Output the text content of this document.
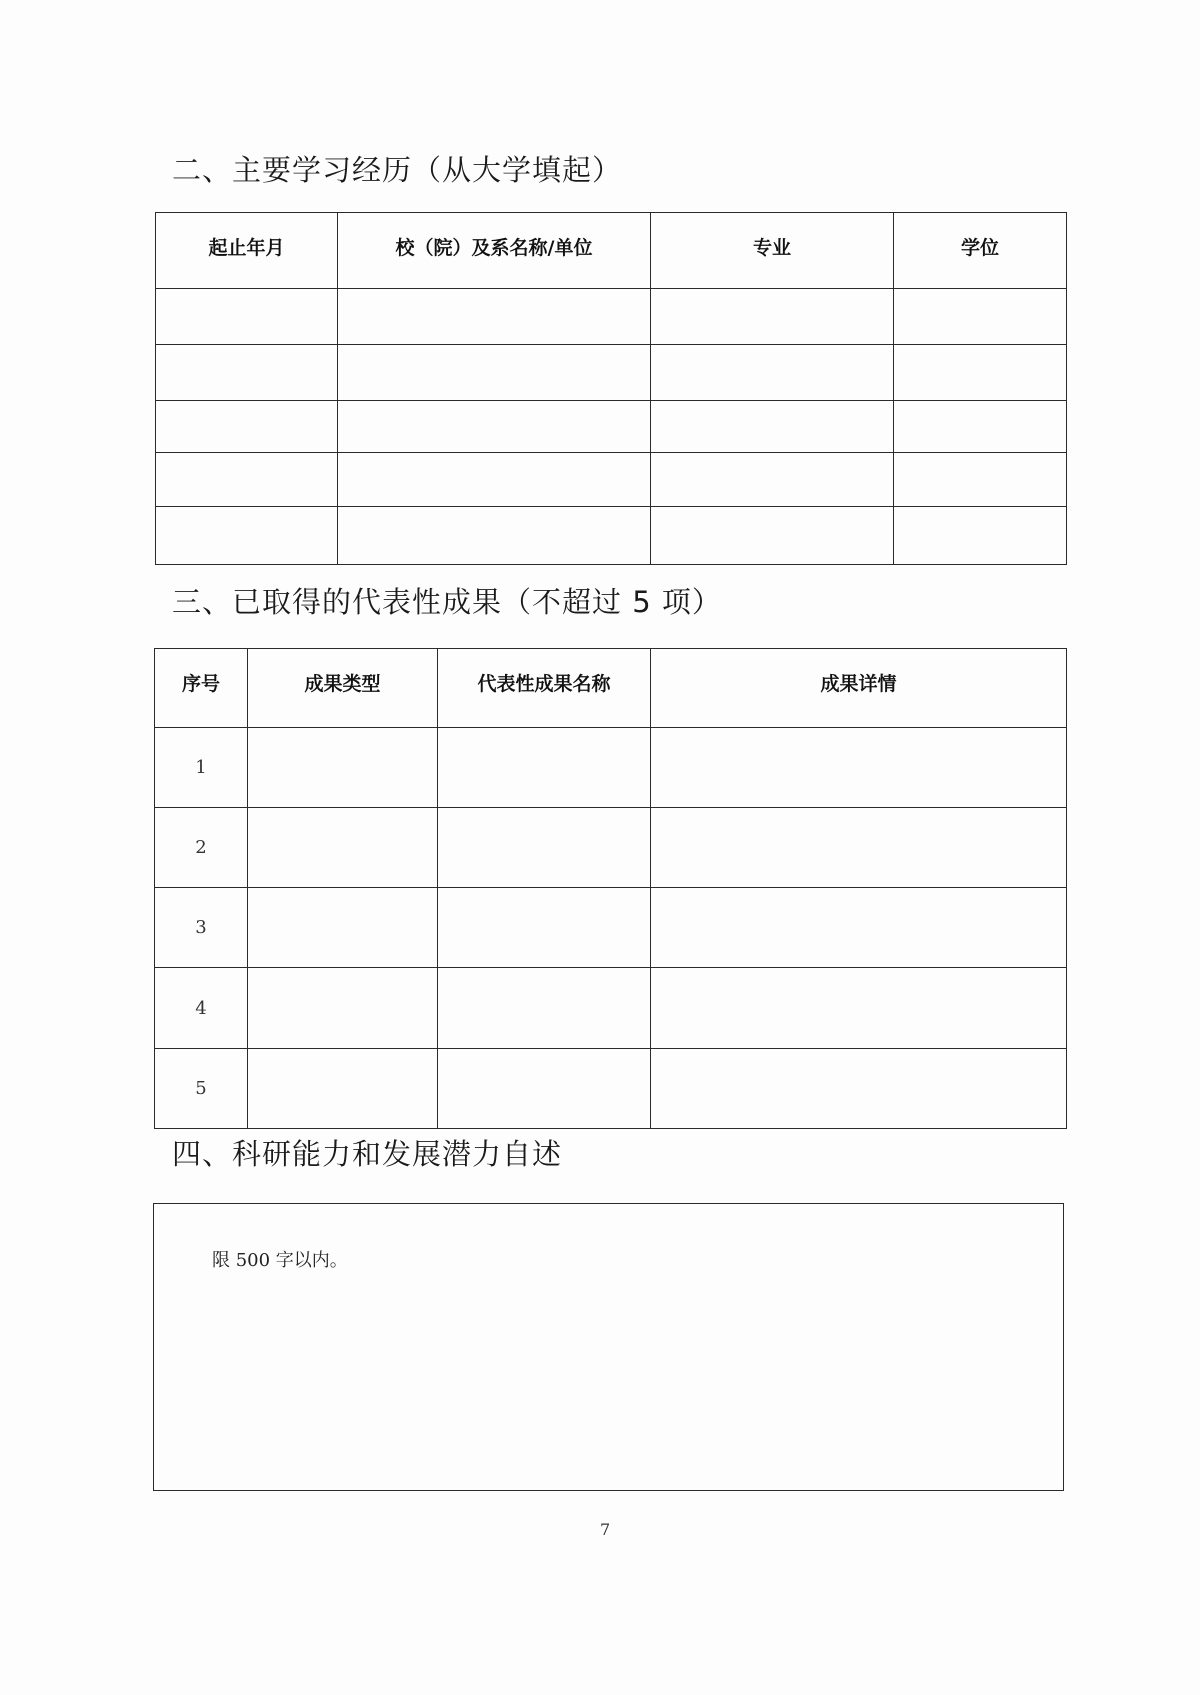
二、主要学习经历（从大学填起）
起止年月	校（院）及系名称/单位	专业	学位

三、已取得的代表性成果（不超过 5 项）
序号	成果类型	代表性成果名称	成果详情
1			
2			
3			
4			
5			
四、科研能力和发展潜力自述
限 500 字以内。
7
